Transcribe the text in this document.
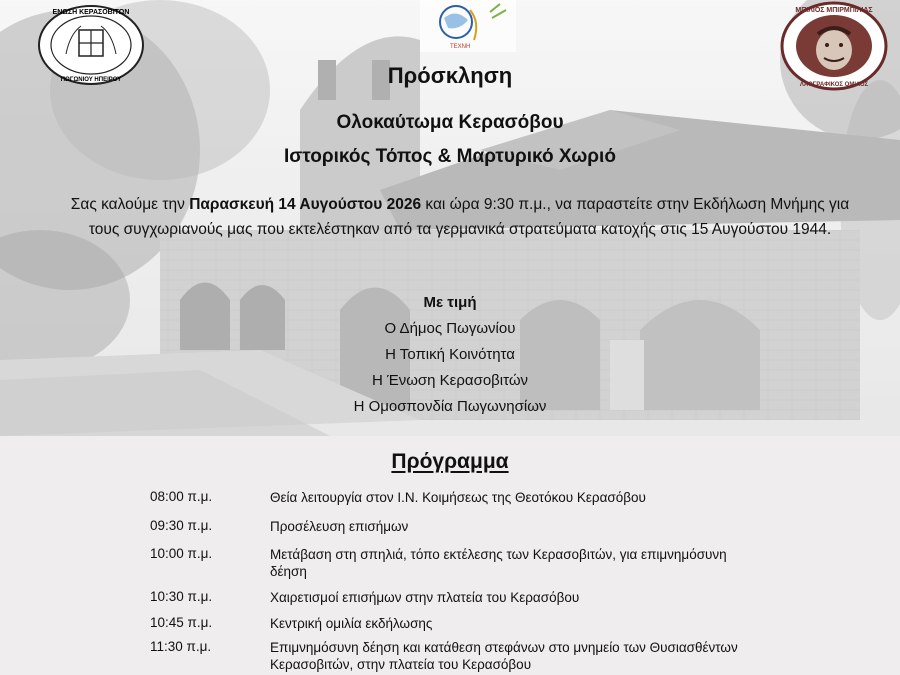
ΕΝΩΣΗ ΚΕΡΑΣΟΒΙΤΩΝ
ΠΩΓΩΝΙΟΥ ΗΠΕΙΡΟΥ
ΤΕΧΝΗ
ΜΠΙΛΙΟΣ ΜΠΙΡΜΠΙΛΙΑΣ
ΛΑΟΓΡΑΦΙΚΟΣ ΟΜΙΛΟΣ
Πρόσκληση
Ολοκαύτωμα Κερασόβου
Ιστορικός Τόπος & Μαρτυρικό Χωριό
Σας καλούμε την Παρασκευή 14 Αυγούστου 2026 και ώρα 9:30 π.μ., να παραστείτε στην Εκδήλωση Μνήμης για τους συγχωριανούς μας που εκτελέστηκαν από τα γερμανικά στρατεύματα κατοχής στις 15 Αυγούστου 1944.
Με τιμή
Ο Δήμος Πωγωνίου
Η Τοπική Κοινότητα
Η Ένωση Κερασοβιτών
Η Ομοσπονδία Πωγωνησίων
Πρόγραμμα
08:00 π.μ.	Θεία λειτουργία στον Ι.Ν. Κοιμήσεως της Θεοτόκου Κερασόβου
09:30 π.μ.	Προσέλευση επισήμων
10:00 π.μ.	Μετάβαση στη σπηλιά, τόπο εκτέλεσης των Κερασοβιτών, για επιμνημόσυνη δέηση
10:30 π.μ.	Χαιρετισμοί επισήμων στην πλατεία του Κερασόβου
10:45 π.μ.	Κεντρική ομιλία εκδήλωσης
11:30 π.μ.	Επιμνημόσυνη δέηση και κατάθεση στεφάνων στο μνημείο των Θυσιασθέντων Κερασοβιτών, στην πλατεία του Κερασόβου
